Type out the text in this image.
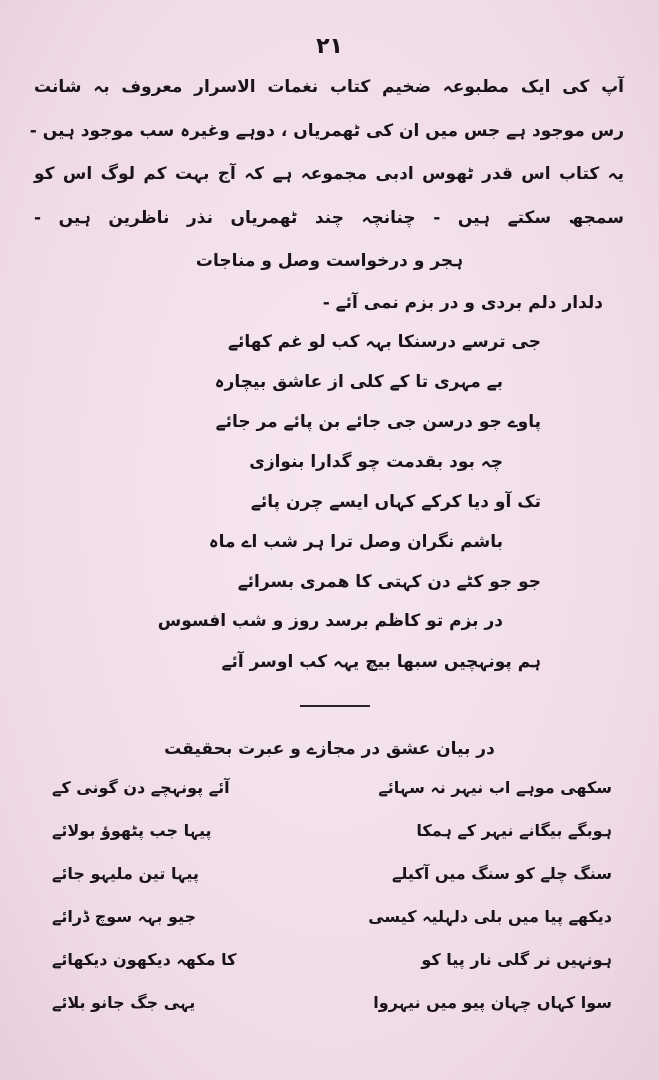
۲۱
آپ کی ایک مطبوعہ ضخیم کتاب نغمات الاسرار معروف بہ شانت
رس موجود ہے جس میں ان کی ٹھمریاں ، دوہے وغیرہ سب موجود ہیں -
یہ کتاب اس قدر ٹھوس ادبی مجموعہ ہے کہ آج بہت کم لوگ اس کو
سمجھ سکتے ہیں - چنانچہ چند ٹھمریاں نذر ناظرین ہیں -
ہجر و درخواست وصل و مناجات
دلدار دلم بردی و در بزم نمی آئے -
جی ترسے درسنکا بہہ کب لو غم کھائے
بے مہری تا کے کلی از عاشق بیچارہ
پاوے جو درسن جی جائے بن پائے مر جائے
چہ بود بقدمت چو گدارا بنوازی
تک آو دیا کرکے کہاں ایسے چرن پائے
باشم نگران وصل ترا ہر شب اے ماہ
جو جو کٹے دن کہتی کا همری بسرائے
در بزم تو کاظم برسد روز و شب افسوس
ہم پونہچیں سبھا بیچ یہہ کب اوسر آئے
در بیان عشق در مجازے و عبرت بحقیقت
سکھی موہے اب نیہر نہ سہائے
آئے پونہچے دن گونی کے
ہوبگے بیگانے نیہر کے ہمکا
پیہا جب پٹھوؤ بولائے
سنگ چلے کو سنگ میں آکیلے
پیہا تین ملیہو جائے
دیکھے پیا میں بلی دلہلیہ کیسی
جیو بہہ سوچ ڈرائے
ہونہیں نر گلی نار پیا کو
کا مکھہ دیکھون دیکھائے
سوا کہاں چہان پیو میں نیہروا
یہی جگ جانو بلائے
